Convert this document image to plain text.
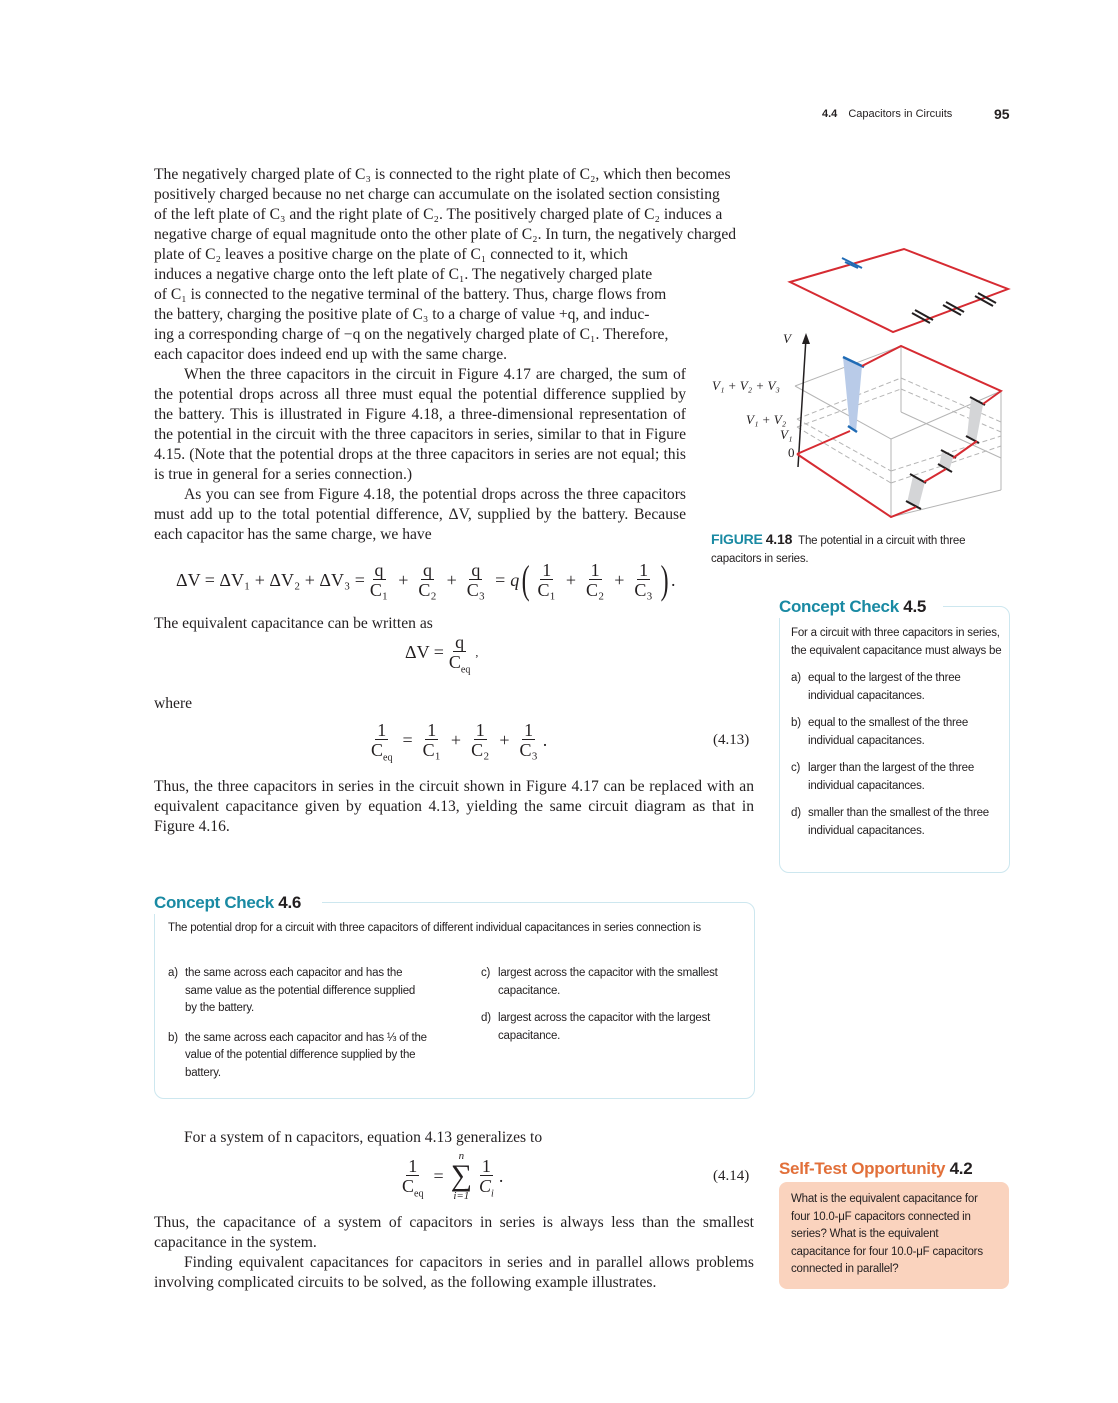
4.4 Capacitors in Circuits	95
The negatively charged plate of C₃ is connected to the right plate of C₂, which then becomes
positively charged because no net charge can accumulate on the isolated section consisting
of the left plate of C₃ and the right plate of C₂. The positively charged plate of C₂ induces a
negative charge of equal magnitude onto the other plate of C₂. In turn, the negatively charged
plate of C₂ leaves a positive charge on the plate of C₁ connected to it, which
induces a negative charge onto the left plate of C₁. The negatively charged plate
of C₁ is connected to the negative terminal of the battery. Thus, charge flows from
the battery, charging the positive plate of C₃ to a charge of value +q, and induc-
ing a corresponding charge of −q on the negatively charged plate of C₁. Therefore,
each capacitor does indeed end up with the same charge.

When the three capacitors in the circuit in Figure 4.17 are charged, the sum of the potential drops across all three must equal the potential difference supplied by the battery. This is illustrated in Figure 4.18, a three-dimensional representation of the potential in the circuit with the three capacitors in series, similar to that in Figure 4.15. (Note that the potential drops at the three capacitors in series are not equal; this is true in general for a series connection.)

As you can see from Figure 4.18, the potential drops across the three capacitors must add up to the total potential difference, ΔV, supplied by the battery. Because each capacitor has the same charge, we have

$\Delta V = \Delta V_1 + \Delta V_2 + \Delta V_3 = \frac{q}{\text{C₁}} + \frac{q}{\text{C₂}} + \frac{q}{\text{C₃}} = q$ ( $\frac{1}{\text{C₁}} + \frac{1}{\text{C₂}} + \frac{1}{\text{C₃}}$ ) .
The equivalent capacitance can be written as
$\Delta V = \frac{q}{C_{eq}}$ ,
where
$\frac{1}{C_{eq}} = \frac{1}{\text{C₁}} + \frac{1}{\text{C₂}} + \frac{1}{\text{C₃}}$ .	(4.13)
Thus, the three capacitors in series in the circuit shown in Figure 4.17 can be replaced with an equivalent capacitance given by equation 4.13, yielding the same circuit diagram as that in Figure 4.16.
V
V₁ + V₂ + V₃
V₁ + V₂
V₁
0
FIGURE 4.18 The potential in a circuit with three capacitors in series.
Concept Check 4.5
For a circuit with three capacitors in series, the equivalent capacitance must always be
a) equal to the largest of the three individual capacitances.
b) equal to the smallest of the three individual capacitances.
c) larger than the largest of the three individual capacitances.
d) smaller than the smallest of the three individual capacitances.
Concept Check 4.6
The potential drop for a circuit with three capacitors of different individual capacitances in series connection is
a) the same across each capacitor and has the same value as the potential difference supplied by the battery.
b) the same across each capacitor and has ⅓ of the value of the potential difference supplied by the battery.
c) largest across the capacitor with the smallest capacitance.
d) largest across the capacitor with the largest capacitance.

For a system of n capacitors, equation 4.13 generalizes to

$\frac{1}{C_{eq}}$ =
n
∑
i=1
$\frac{1}{C_i}$ .	(4.14)

Thus, the capacitance of a system of capacitors in series is always less than the smallest capacitance in the system.

Finding equivalent capacitances for capacitors in series and in parallel allows problems involving complicated circuits to be solved, as the following example illustrates.

Self-Test Opportunity 4.2
What is the equivalent capacitance for four 10.0-μF capacitors connected in series? What is the equivalent capacitance for four 10.0-μF capacitors connected in parallel?
